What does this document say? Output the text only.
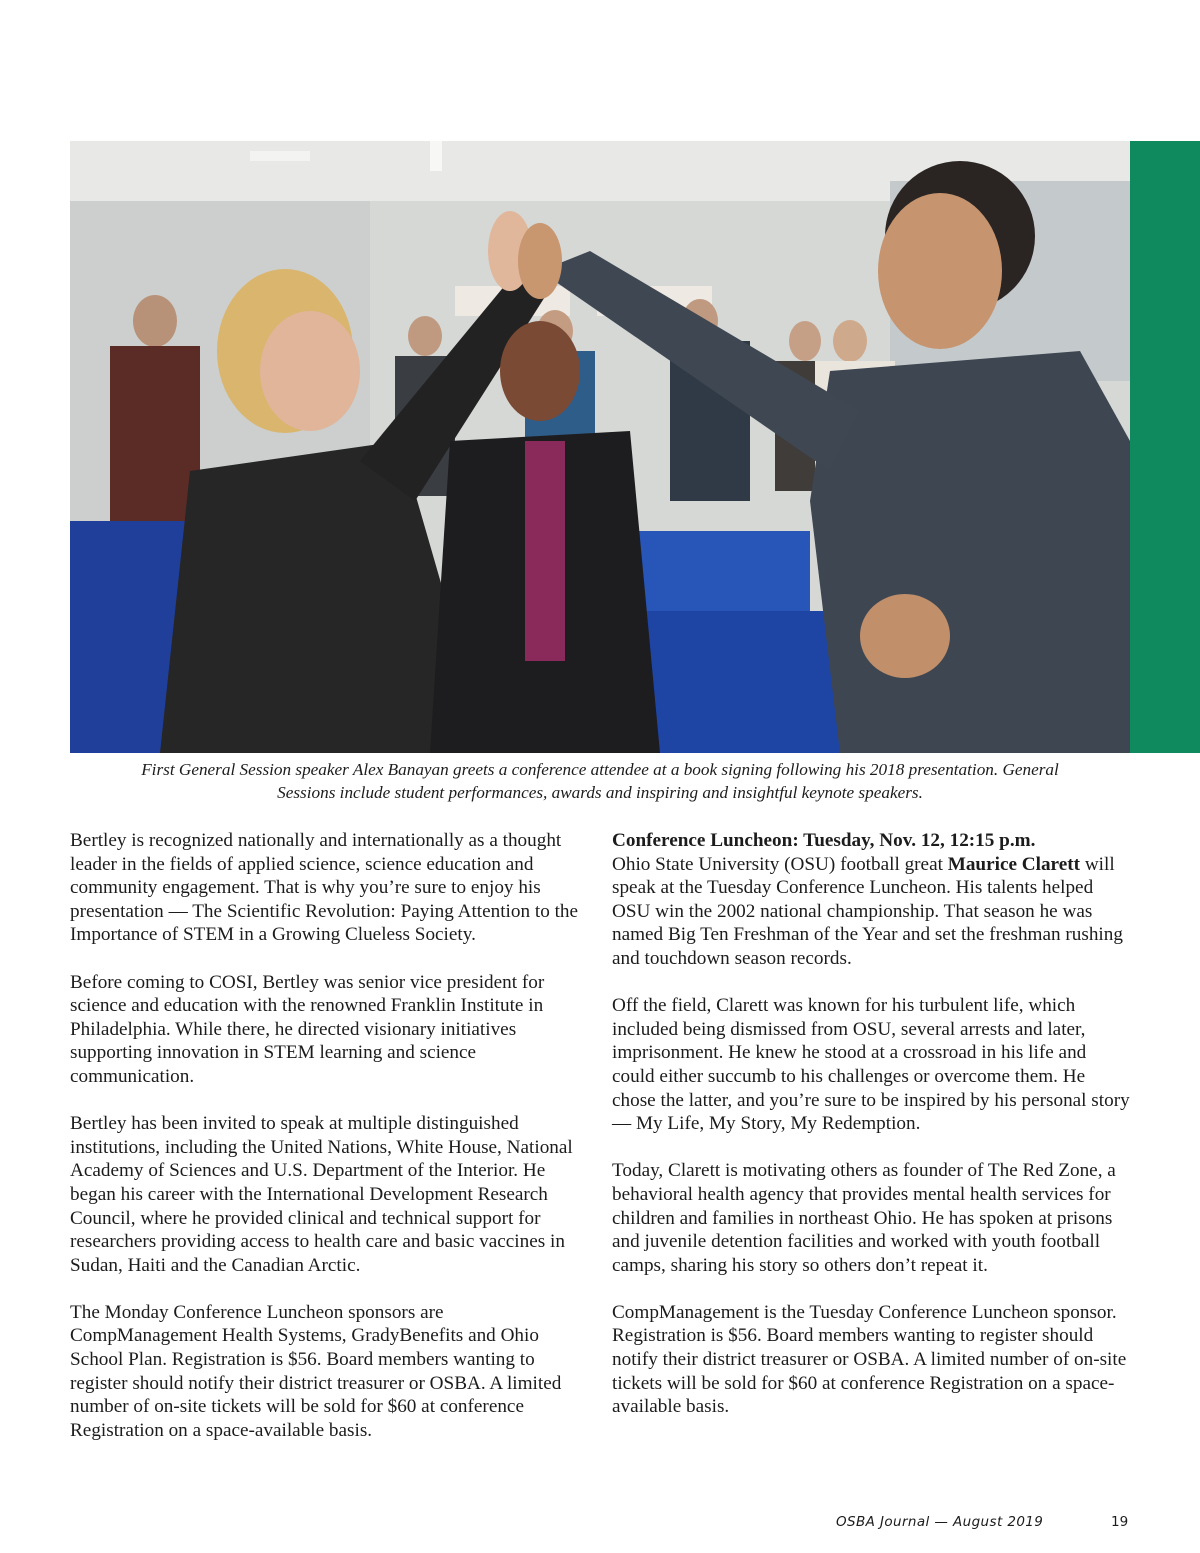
First General Session speaker Alex Banayan greets a conference attendee at a book signing following his 2018 presentation. General
Sessions include student performances, awards and inspiring and insightful keynote speakers.

Bertley is recognized nationally and internationally as a thought leader in the fields of applied science, science education and community engagement. That is why you’re sure to enjoy his presentation — The Scientific Revolution: Paying Attention to the Importance of STEM in a Growing Clueless Society.

Before coming to COSI, Bertley was senior vice president for science and education with the renowned Franklin Institute in Philadelphia. While there, he directed visionary initiatives supporting innovation in STEM learning and science communication.

Bertley has been invited to speak at multiple distinguished institutions, including the United Nations, White House, National Academy of Sciences and U.S. Department of the Interior. He began his career with the International Development Research Council, where he provided clinical and technical support for researchers providing access to health care and basic vaccines in Sudan, Haiti and the Canadian Arctic.

The Monday Conference Luncheon sponsors are CompManagement Health Systems, GradyBenefits and Ohio School Plan. Registration is $56. Board members wanting to register should notify their district treasurer or OSBA. A limited number of on-site tickets will be sold for $60 at conference Registration on a space-available basis.

Conference Luncheon: Tuesday, Nov. 12, 12:15 p.m.
Ohio State University (OSU) football great Maurice Clarett will speak at the Tuesday Conference Luncheon. His talents helped OSU win the 2002 national championship. That season he was named Big Ten Freshman of the Year and set the freshman rushing and touchdown season records.

Off the field, Clarett was known for his turbulent life, which included being dismissed from OSU, several arrests and later, imprisonment. He knew he stood at a crossroad in his life and could either succumb to his challenges or overcome them. He chose the latter, and you’re sure to be inspired by his personal story — My Life, My Story, My Redemption.

Today, Clarett is motivating others as founder of The Red Zone, a behavioral health agency that provides mental health services for children and families in northeast Ohio. He has spoken at prisons and juvenile detention facilities and worked with youth football camps, sharing his story so others don’t repeat it.

CompManagement is the Tuesday Conference Luncheon sponsor. Registration is $56. Board members wanting to register should notify their district treasurer or OSBA. A limited number of on-site tickets will be sold for $60 at conference Registration on a space-available basis.

OSBA Journal — August 2019	19
